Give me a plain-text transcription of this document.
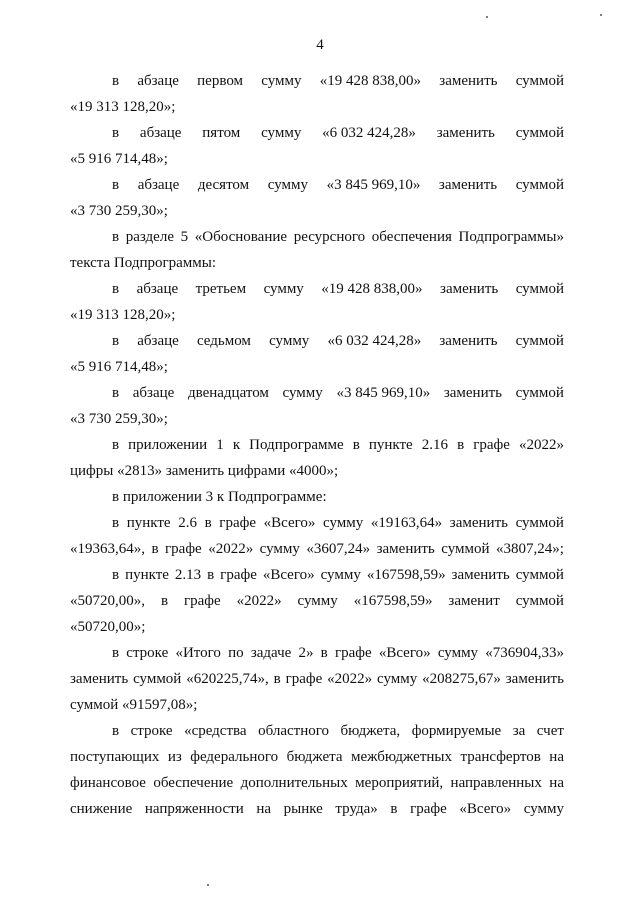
4
в абзаце первом сумму «19 428 838,00» заменить суммой
«19 313 128,20»;
в абзаце пятом сумму «6 032 424,28» заменить суммой
«5 916 714,48»;
в абзаце десятом сумму «3 845 969,10» заменить суммой
«3 730 259,30»;
в разделе 5 «Обоснование ресурсного обеспечения Подпрограммы»
текста Подпрограммы:
в абзаце третьем сумму «19 428 838,00» заменить суммой
«19 313 128,20»;
в абзаце седьмом сумму «6 032 424,28» заменить суммой
«5 916 714,48»;
в абзаце двенадцатом сумму «3 845 969,10» заменить суммой
«3 730 259,30»;
в приложении 1 к Подпрограмме в пункте 2.16 в графе «2022»
цифры «2813» заменить цифрами «4000»;
в приложении 3 к Подпрограмме:
в пункте 2.6 в графе «Всего» сумму «19163,64» заменить суммой
«19363,64», в графе «2022» сумму «3607,24» заменить суммой «3807,24»;
в пункте 2.13 в графе «Всего» сумму «167598,59» заменить суммой
«50720,00», в графе «2022» сумму «167598,59» заменит суммой
«50720,00»;
в строке «Итого по задаче 2» в графе «Всего» сумму «736904,33»
заменить суммой «620225,74», в графе «2022» сумму «208275,67» заменить
суммой «91597,08»;
в строке «средства областного бюджета, формируемые за счет
поступающих из федерального бюджета межбюджетных трансфертов на
финансовое обеспечение дополнительных мероприятий, направленных на
снижение напряженности на рынке труда» в графе «Всего» сумму
